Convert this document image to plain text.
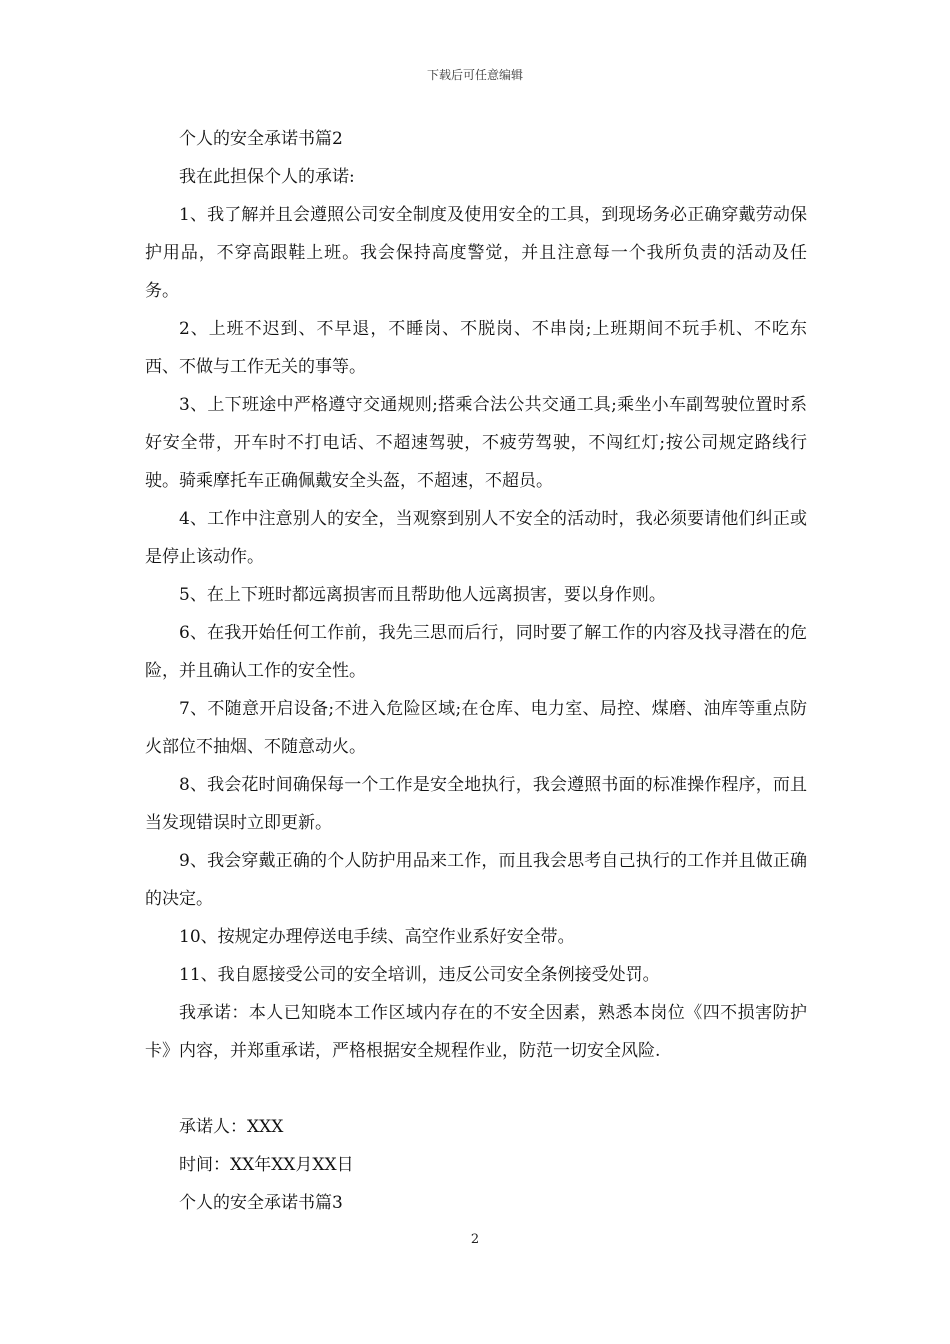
下载后可任意编辑

个人的安全承诺书篇2

我在此担保个人的承诺:

1、我了解并且会遵照公司安全制度及使用安全的工具，到现场务必正确穿戴劳动保护用品，不穿高跟鞋上班。我会保持高度警觉，并且注意每一个我所负责的活动及任务。

2、上班不迟到、不早退，不睡岗、不脱岗、不串岗;上班期间不玩手机、不吃东西、不做与工作无关的事等。

3、上下班途中严格遵守交通规则;搭乘合法公共交通工具;乘坐小车副驾驶位置时系好安全带，开车时不打电话、不超速驾驶，不疲劳驾驶，不闯红灯;按公司规定路线行驶。骑乘摩托车正确佩戴安全头盔，不超速，不超员。

4、工作中注意别人的安全，当观察到别人不安全的活动时，我必须要请他们纠正或是停止该动作。

5、在上下班时都远离损害而且帮助他人远离损害，要以身作则。

6、在我开始任何工作前，我先三思而后行，同时要了解工作的内容及找寻潜在的危险，并且确认工作的安全性。

7、不随意开启设备;不进入危险区域;在仓库、电力室、局控、煤磨、油库等重点防火部位不抽烟、不随意动火。

8、我会花时间确保每一个工作是安全地执行，我会遵照书面的标准操作程序，而且当发现错误时立即更新。

9、我会穿戴正确的个人防护用品来工作，而且我会思考自己执行的工作并且做正确的决定。

10、按规定办理停送电手续、高空作业系好安全带。

11、我自愿接受公司的安全培训，违反公司安全条例接受处罚。

我承诺：本人已知晓本工作区域内存在的不安全因素，熟悉本岗位《四不损害防护卡》内容，并郑重承诺，严格根据安全规程作业，防范一切安全风险.

承诺人：XXX

时间：XX年XX月XX日

个人的安全承诺书篇3

2
